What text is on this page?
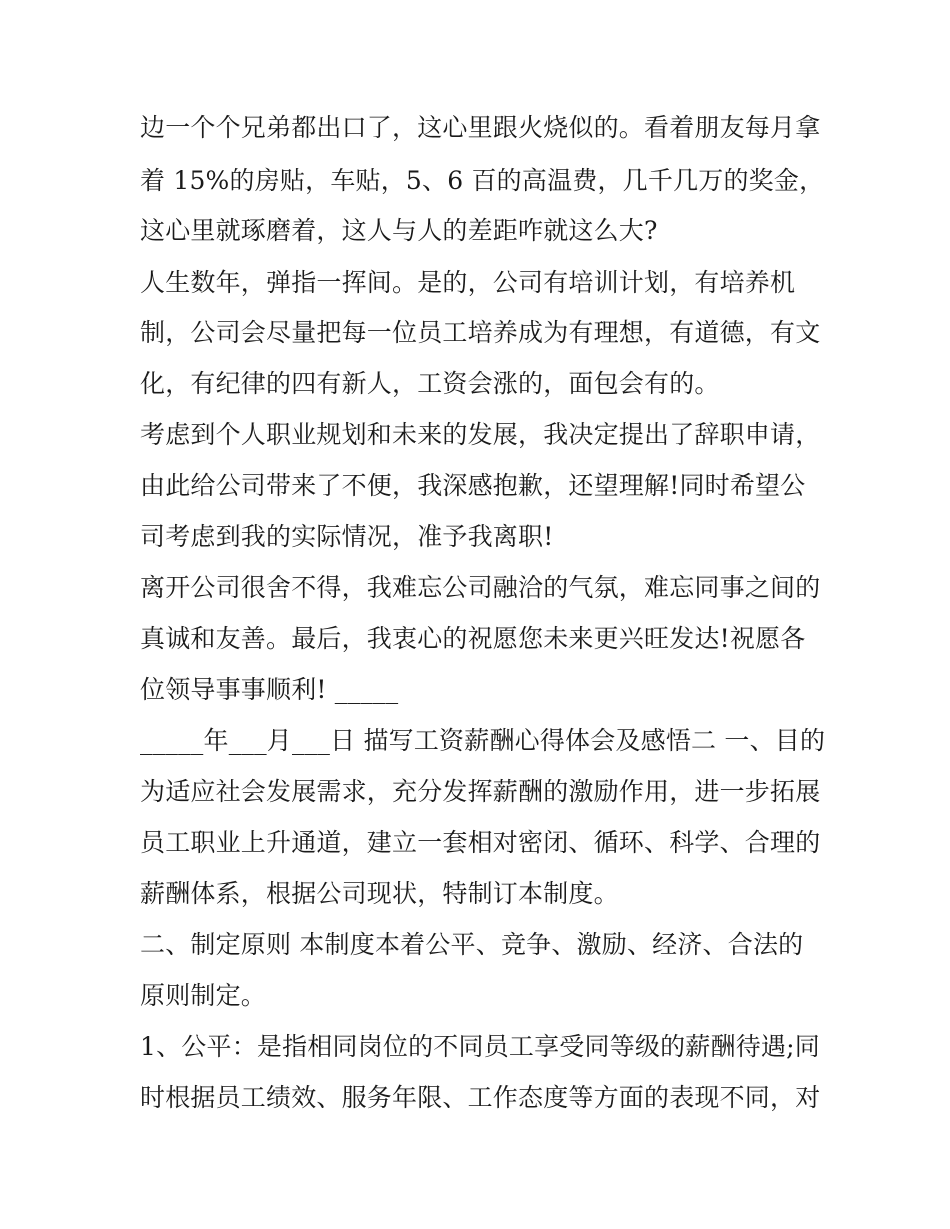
边一个个兄弟都出口了，这心里跟火烧似的。看着朋友每月拿
着 15%的房贴，车贴，5、6 百的高温费，几千几万的奖金，
这心里就琢磨着，这人与人的差距咋就这么大?
人生数年，弹指一挥间。是的，公司有培训计划，有培养机
制，公司会尽量把每一位员工培养成为有理想，有道德，有文
化，有纪律的四有新人，工资会涨的，面包会有的。
考虑到个人职业规划和未来的发展，我决定提出了辞职申请，
由此给公司带来了不便，我深感抱歉，还望理解!同时希望公
司考虑到我的实际情况，准予我离职!
离开公司很舍不得，我难忘公司融洽的气氛，难忘同事之间的
真诚和友善。最后，我衷心的祝愿您未来更兴旺发达!祝愿各
位领导事事顺利! _____
_____年___月___日 描写工资薪酬心得体会及感悟二 一、目的
为适应社会发展需求，充分发挥薪酬的激励作用，进一步拓展
员工职业上升通道，建立一套相对密闭、循环、科学、合理的
薪酬体系，根据公司现状，特制订本制度。
二、制定原则 本制度本着公平、竞争、激励、经济、合法的
原则制定。
1、公平：是指相同岗位的不同员工享受同等级的薪酬待遇;同
时根据员工绩效、服务年限、工作态度等方面的表现不同，对
